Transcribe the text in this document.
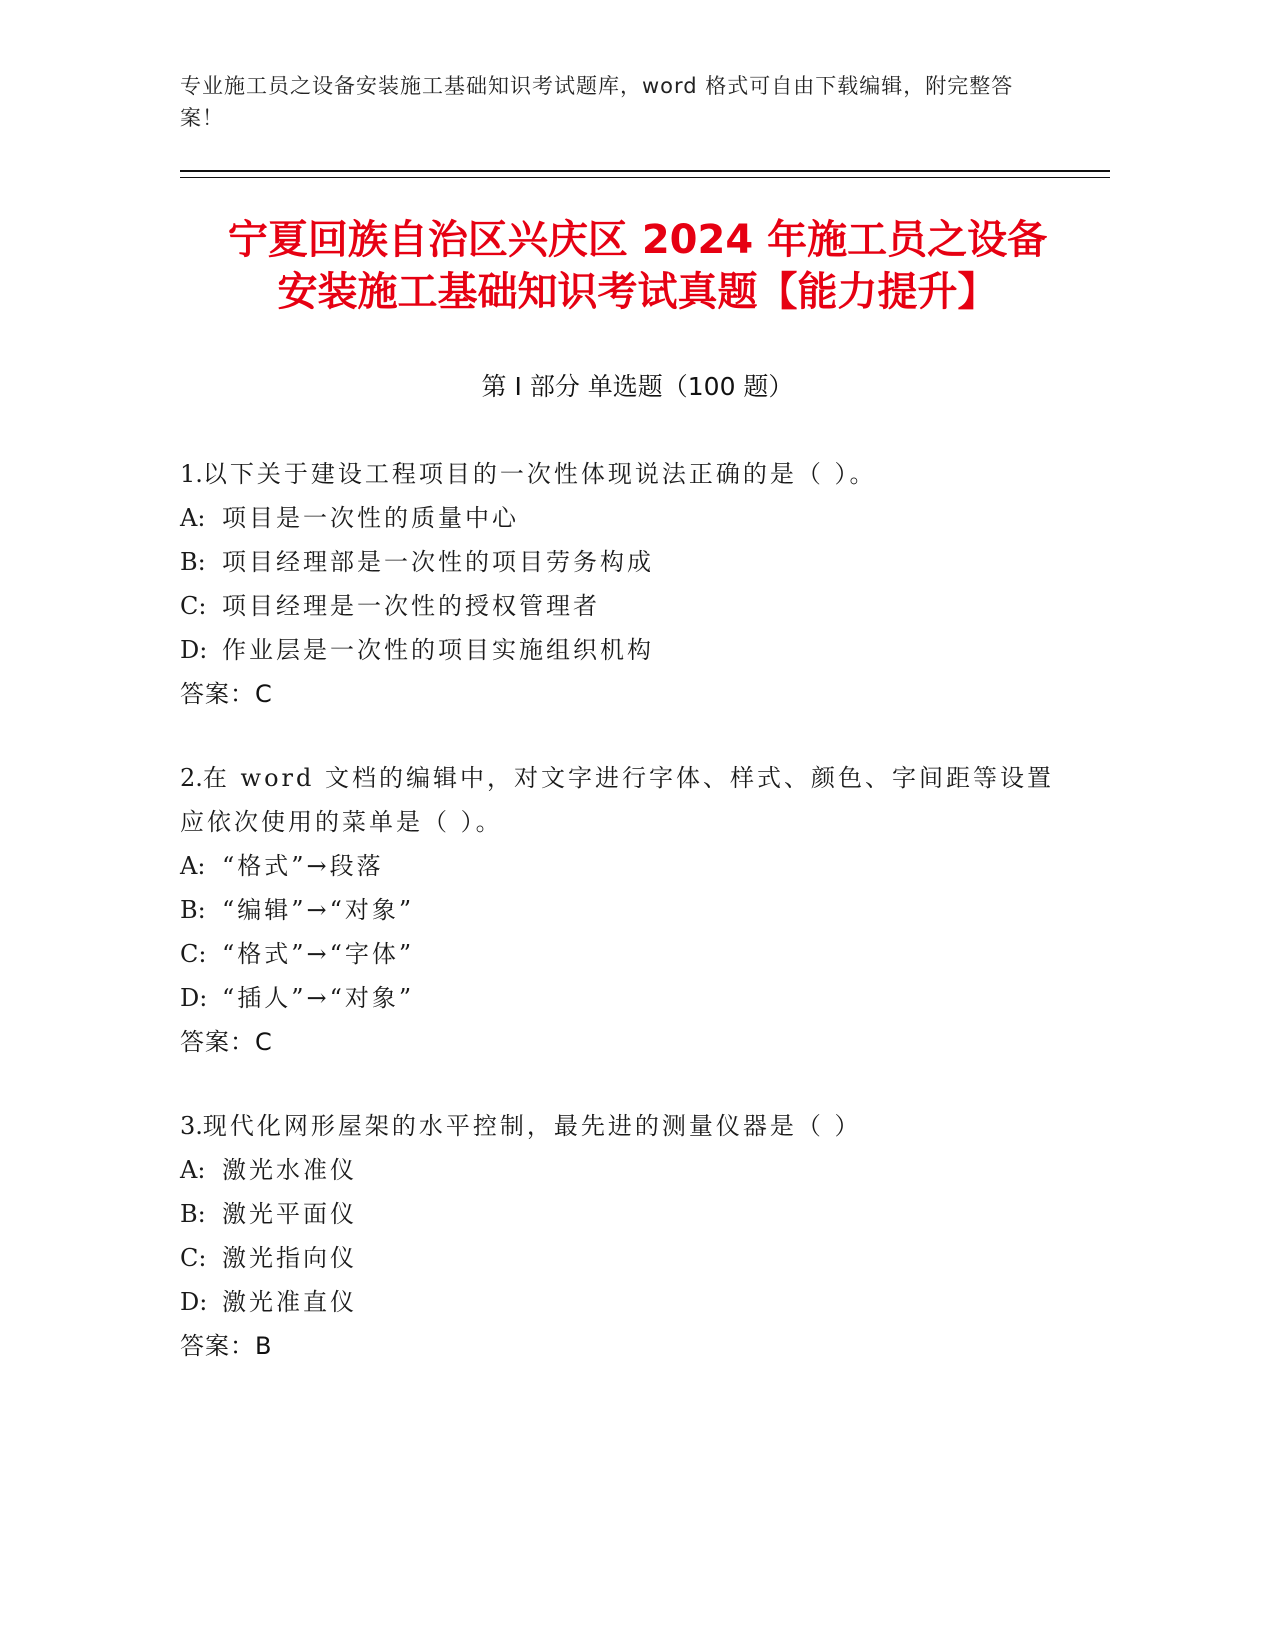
专业施工员之设备安装施工基础知识考试题库，word 格式可自由下载编辑，附完整答案！
宁夏回族自治区兴庆区 2024 年施工员之设备
安装施工基础知识考试真题【能力提升】
第 I 部分 单选题（100 题）
1.以下关于建设工程项目的一次性体现说法正确的是（ ）。
A: 项目是一次性的质量中心
B: 项目经理部是一次性的项目劳务构成
C: 项目经理是一次性的授权管理者
D: 作业层是一次性的项目实施组织机构
答案：C
2.在 word 文档的编辑中，对文字进行字体、样式、颜色、字间距等设置应依次使用的菜单是（ ）。
A: “格式”→段落
B: “编辑”→“对象”
C: “格式”→“字体”
D: “插人”→“对象”
答案：C
3.现代化网形屋架的水平控制，最先进的测量仪器是（ ）
A: 激光水准仪
B: 激光平面仪
C: 激光指向仪
D: 激光准直仪
答案：B
